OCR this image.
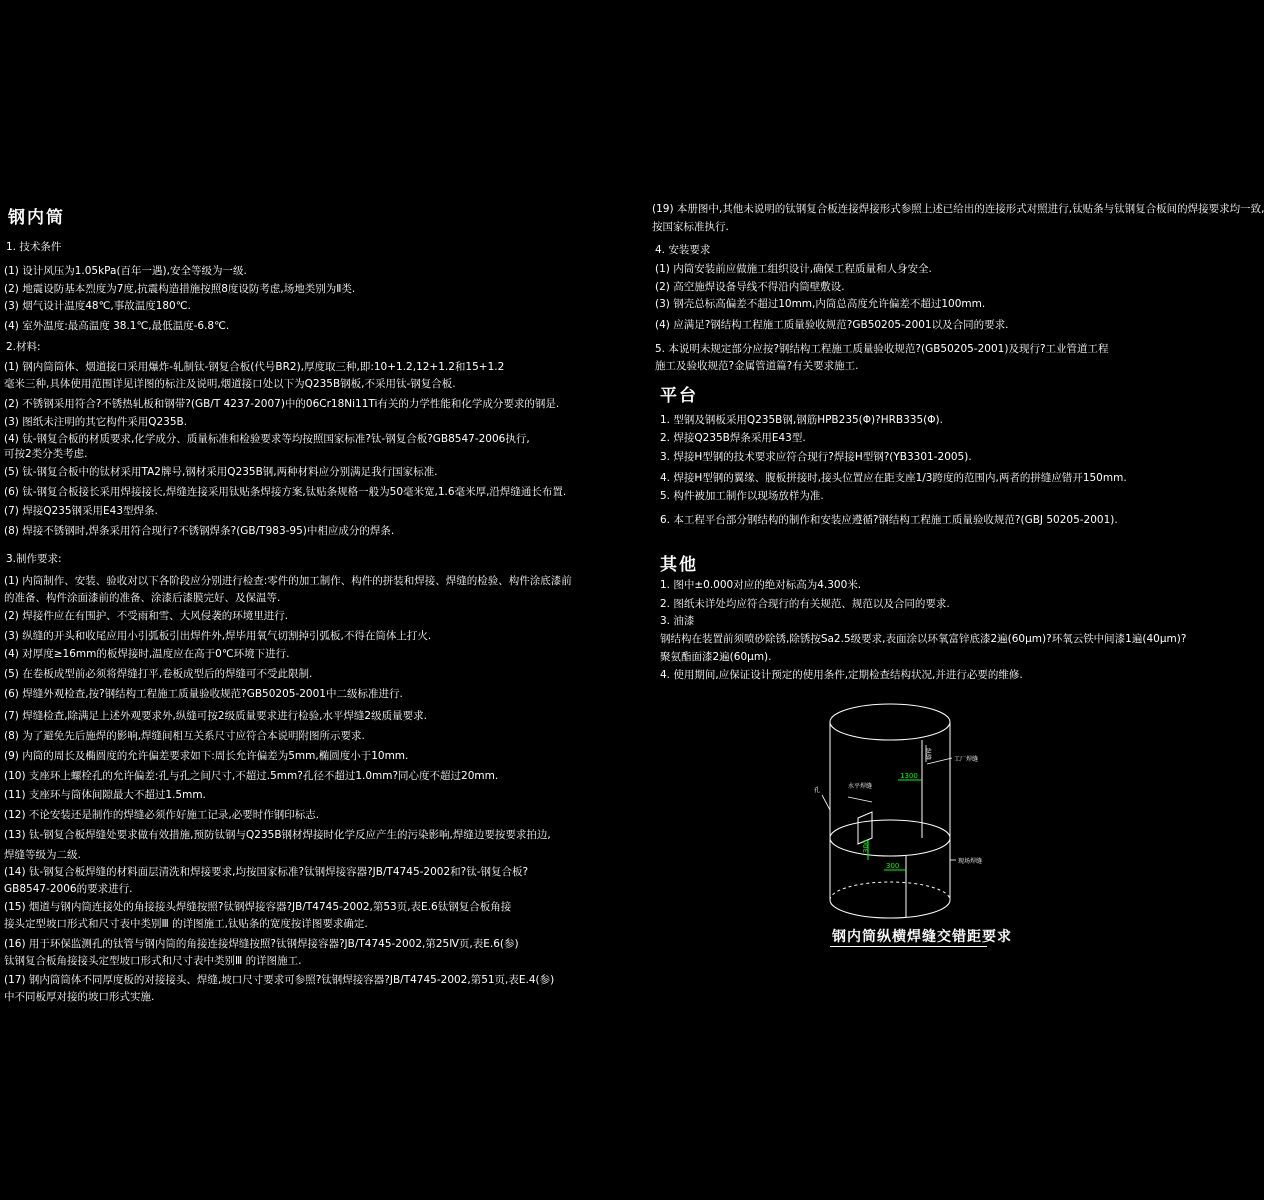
钢内筒
1. 技术条件
(1) 设计风压为1.05kPa(百年一遇),安全等级为一级.
(2) 地震设防基本烈度为7度,抗震构造措施按照8度设防考虑,场地类别为Ⅱ类.
(3) 烟气设计温度48℃,事故温度180℃.
(4) 室外温度:最高温度 38.1℃,最低温度-6.8℃.
2.材料:
(1) 钢内筒筒体、烟道接口采用爆炸-轧制钛-钢复合板(代号BR2),厚度取三种,即:10+1.2,12+1.2和15+1.2
毫米三种,具体使用范围详见详图的标注及说明,烟道接口处以下为Q235B钢板,不采用钛-钢复合板.
(2) 不锈钢采用符合?不锈热轧板和钢带?(GB/T 4237-2007)中的06Cr18Ni11Ti有关的力学性能和化学成分要求的钢是.
(3) 图纸未注明的其它构件采用Q235B.
(4) 钛-钢复合板的材质要求,化学成分、质量标准和检验要求等均按照国家标准?钛-钢复合板?GB8547-2006执行,
可按2类分类考虑.
(5) 钛-钢复合板中的钛材采用TA2牌号,钢材采用Q235B钢,两种材料应分别满足我行国家标准.
(6) 钛-钢复合板接长采用焊接接长,焊缝连接采用钛贴条焊接方案,钛贴条规格一般为50毫米宽,1.6毫米厚,沿焊缝通长布置.
(7) 焊接Q235钢采用E43型焊条.
(8) 焊接不锈钢时,焊条采用符合现行?不锈钢焊条?(GB/T983-95)中相应成分的焊条.
3.制作要求:
(1) 内筒制作、安装、验收对以下各阶段应分别进行检查:零件的加工制作、构件的拼装和焊接、焊缝的检验、构件涂底漆前
的准备、构件涂面漆前的准备、涂漆后漆膜完好、及保温等.
(2) 焊接件应在有围护、不受雨和雪、大风侵袭的环境里进行.
(3) 纵缝的开头和收尾应用小引弧板引出焊件外,焊毕用氧气切割掉引弧板,不得在筒体上打火.
(4) 对厚度≥16mm的板焊接时,温度应在高于0℃环境下进行.
(5) 在卷板成型前必须将焊缝打平,卷板成型后的焊缝可不受此限制.
(6) 焊缝外观检查,按?钢结构工程施工质量验收规范?GB50205-2001中二级标准进行.
(7) 焊缝检查,除满足上述外观要求外,纵缝可按2级质量要求进行检验,水平焊缝2级质量要求.
(8) 为了避免先后施焊的影响,焊缝间相互关系尺寸应符合本说明附图所示要求.
(9) 内筒的周长及椭圆度的允许偏差要求如下:周长允许偏差为5mm,椭圆度小于10mm.
(10) 支座环上螺栓孔的允许偏差:孔与孔之间尺寸,不超过.5mm?孔径不超过1.0mm?同心度不超过20mm.
(11) 支座环与筒体间隙最大不超过1.5mm.
(12) 不论安装还是制作的焊缝必须作好施工记录,必要时作钢印标志.
(13) 钛-钢复合板焊缝处要求做有效措施,预防钛钢与Q235B钢材焊接时化学反应产生的污染影响,焊缝边要按要求拍边,
焊缝等级为二级.
(14) 钛-钢复合板焊缝的材料面层清洗和焊接要求,均按国家标准?钛钢焊接容器?JB/T4745-2002和?钛-钢复合板?
GB8547-2006的要求进行.
(15) 烟道与钢内筒连接处的角接接头焊缝按照?钛钢焊接容器?JB/T4745-2002,第53页,表E.6钛钢复合板角接
接头定型坡口形式和尺寸表中类别Ⅲ 的详图施工,钛贴条的宽度按详图要求确定.
(16) 用于环保监测孔的钛管与钢内筒的角接连接焊缝按照?钛钢焊接容器?JB/T4745-2002,第25Ⅳ页,表E.6(参)
钛钢复合板角接接头定型坡口形式和尺寸表中类别Ⅲ 的详图施工.
(17) 钢内筒筒体不同厚度板的对接接头、焊缝,坡口尺寸要求可参照?钛钢焊接容器?JB/T4745-2002,第51页,表E.4(参)
中不同板厚对接的坡口形式实施.
(19) 本册图中,其他未说明的钛钢复合板连接焊接形式参照上述已给出的连接形式对照进行,钛贴条与钛钢复合板间的焊接要求均一致,
按国家标准执行.
4. 安装要求
(1) 内筒安装前应做施工组织设计,确保工程质量和人身安全.
(2) 高空施焊设备导线不得沿内筒壁敷设.
(3) 钢壳总标高偏差不超过10mm,内筒总高度允许偏差不超过100mm.
(4) 应满足?钢结构工程施工质量验收规范?GB50205-2001以及合同的要求.
5. 本说明未规定部分应按?钢结构工程施工质量验收规范?(GB50205-2001)及现行?工业管道工程
施工及验收规范?金属管道篇?有关要求施工.
平台
1. 型钢及钢板采用Q235B钢,钢筋HPB235(Φ)?HRB335(Φ).
2. 焊接Q235B焊条采用E43型.
3. 焊接H型钢的技术要求应符合现行?焊接H型钢?(YB3301-2005).
4. 焊接H型钢的翼缘、腹板拼接时,接头位置应在距支座1/3跨度的范围内,两者的拼缝应错开150mm.
5. 构件被加工制作以现场放样为准.
6. 本工程平台部分钢结构的制作和安装应遵循?钢结构工程施工质量验收规范?(GBJ 50205-2001).
其他
1. 图中±0.000对应的绝对标高为4.300米.
2. 图纸未详处均应符合现行的有关规范、规范以及合同的要求.
3. 油漆
钢结构在装置前须喷砂除锈,除锈按Sa2.5级要求,表面涂以环氧富锌底漆2遍(60μm)?环氧云铁中间漆1遍(40μm)?
聚氨酯面漆2遍(60μm).
4. 使用期间,应保证设计预定的使用条件,定期检查结构状况,并进行必要的维修.
1300
300
300
纵缝	工厂焊缝
水平焊缝
孔
现场焊缝
钢内筒纵横焊缝交错距要求
